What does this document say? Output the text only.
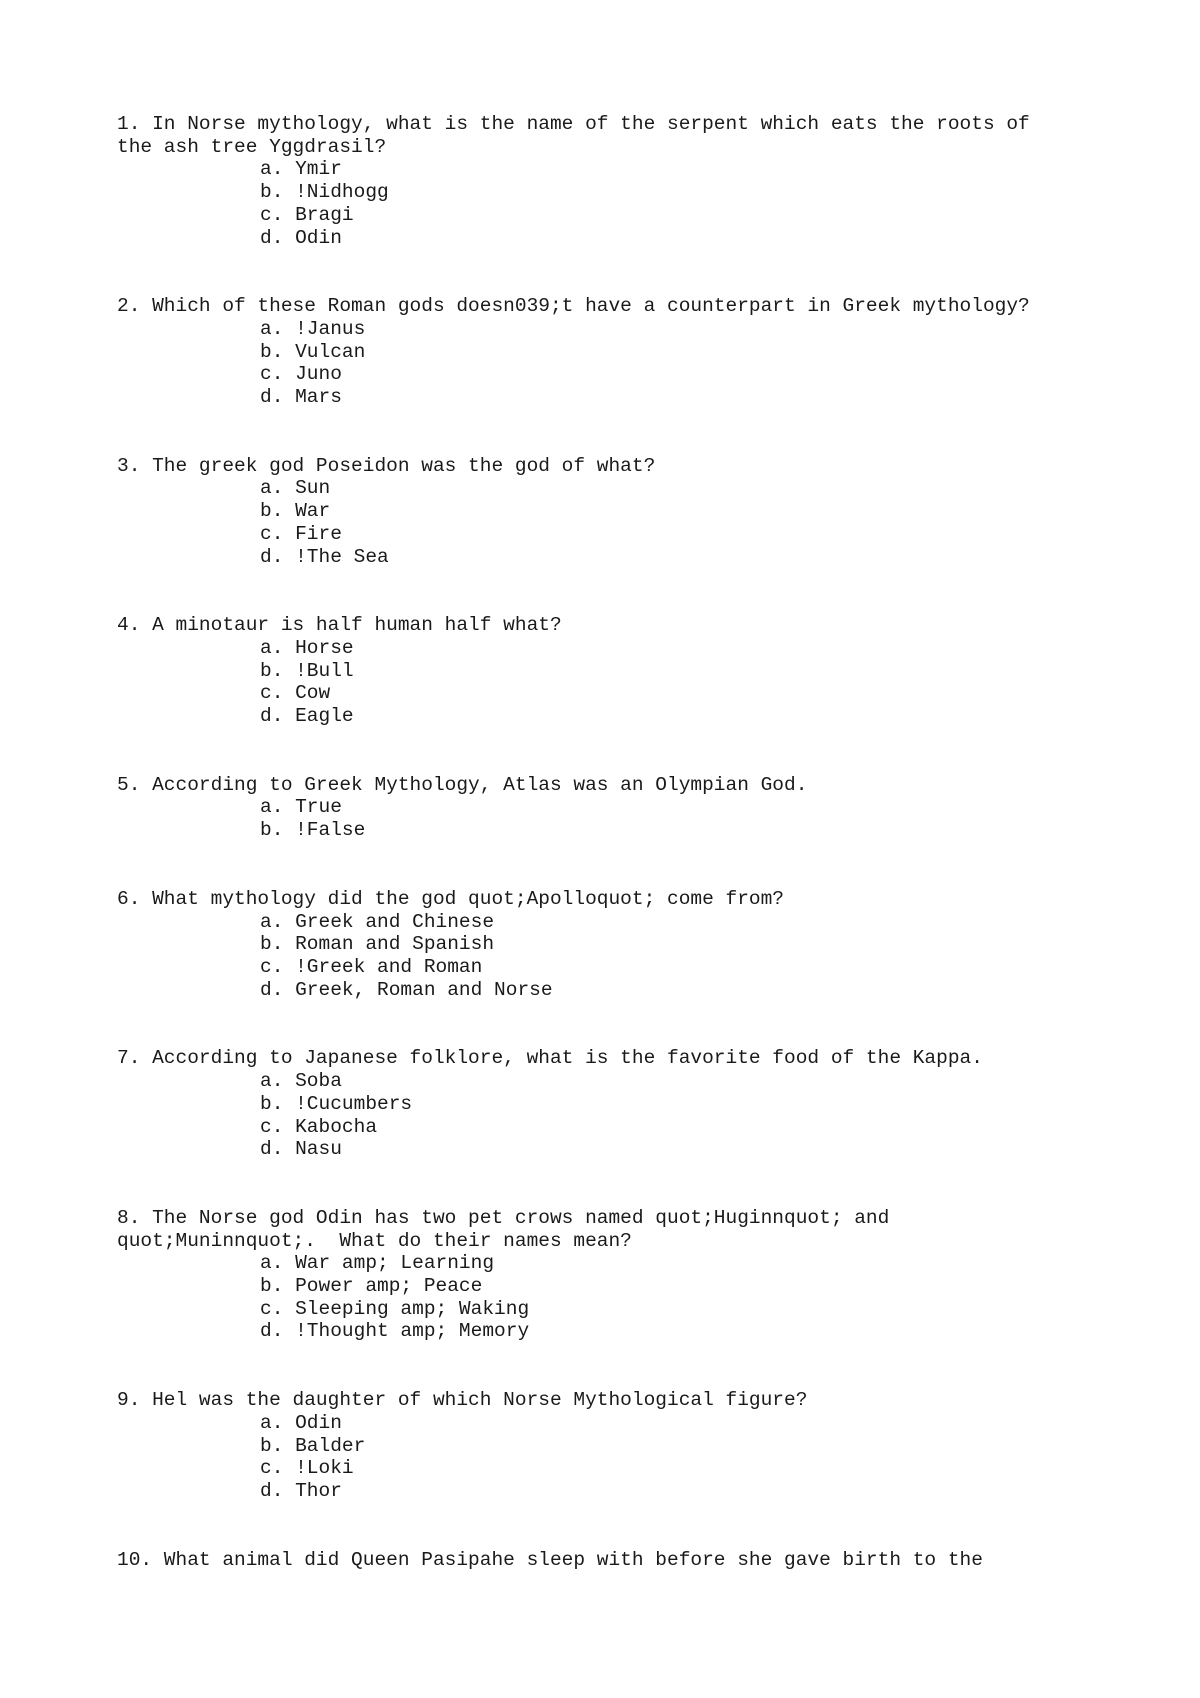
1. In Norse mythology, what is the name of the serpent which eats the roots of
the ash tree Yggdrasil?
a. Ymir
b. !Nidhogg
c. Bragi
d. Odin
2. Which of these Roman gods doesn039;t have a counterpart in Greek mythology?
a. !Janus
b. Vulcan
c. Juno
d. Mars
3. The greek god Poseidon was the god of what?
a. Sun
b. War
c. Fire
d. !The Sea
4. A minotaur is half human half what?
a. Horse
b. !Bull
c. Cow
d. Eagle
5. According to Greek Mythology, Atlas was an Olympian God.
a. True
b. !False
6. What mythology did the god quot;Apolloquot; come from?
a. Greek and Chinese
b. Roman and Spanish
c. !Greek and Roman
d. Greek, Roman and Norse
7. According to Japanese folklore, what is the favorite food of the Kappa.
a. Soba
b. !Cucumbers
c. Kabocha
d. Nasu
8. The Norse god Odin has two pet crows named quot;Huginnquot; and
quot;Muninnquot;.  What do their names mean?
a. War amp; Learning
b. Power amp; Peace
c. Sleeping amp; Waking
d. !Thought amp; Memory
9. Hel was the daughter of which Norse Mythological figure?
a. Odin
b. Balder
c. !Loki
d. Thor
10. What animal did Queen Pasipahe sleep with before she gave birth to the
